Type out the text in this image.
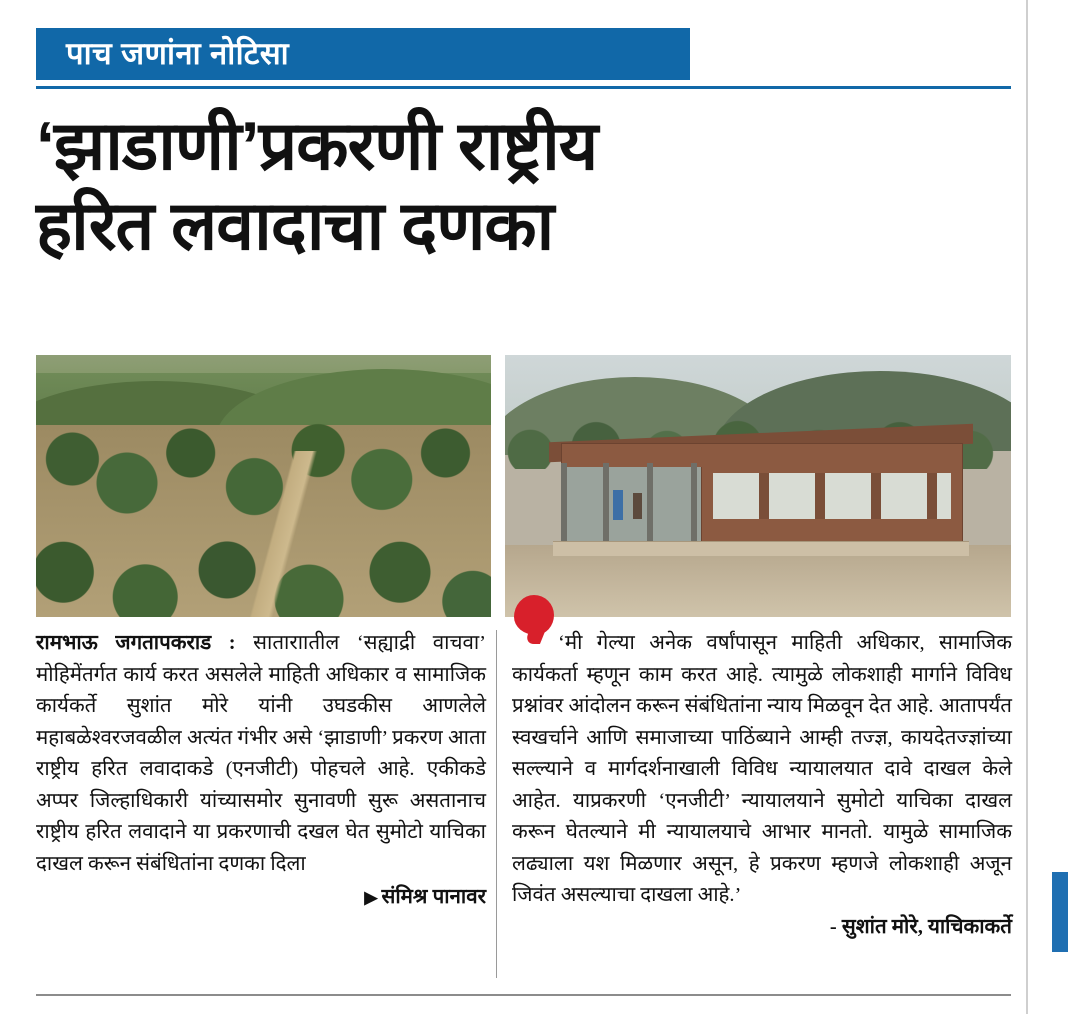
पाच जणांना नोटिसा
‘झाडाणी’प्रकरणी राष्ट्रीय
हरित लवादाचा दणका

रामभाऊ जगतापकराड : साताराातील ‘सह्याद्री वाचवा’ मोहिमेंतर्गत कार्य करत असलेले माहिती अधिकार व सामाजिक कार्यकर्ते सुशांत मोरे यांनी उघडकीस आणलेले महाबळेश्वरजवळील अत्यंत गंभीर असे ‘झाडाणी’ प्रकरण आता राष्ट्रीय हरित लवादाकडे (एनजीटी) पोहचले आहे. एकीकडे अप्पर जिल्हाधिकारी यांच्यासमोर सुनावणी सुरू असतानाच राष्ट्रीय हरित लवादाने या प्रकरणाची दखल घेत सुमोटो याचिका दाखल करून संबंधितांना दणका दिला

▶ संमिश्र पानावर

‘मी गेल्या अनेक वर्षांपासून माहिती अधिकार, सामाजिक कार्यकर्ता म्हणून काम करत आहे. त्यामुळे लोकशाही मार्गाने विविध प्रश्नांवर आंदोलन करून संबंधितांना न्याय मिळवून देत आहे. आतापर्यंत स्वखर्चाने आणि समाजाच्या पाठिंब्याने आम्ही तज्ज्ञ, कायदेतज्ज्ञांच्या सल्ल्याने व मार्गदर्शनाखाली विविध न्यायालयात दावे दाखल केले आहेत. याप्रकरणी ‘एनजीटी’ न्यायालयाने सुमोटो याचिका दाखल करून घेतल्याने मी न्यायालयाचे आभार मानतो. यामुळे सामाजिक लढ्याला यश मिळणार असून, हे प्रकरण म्हणजे लोकशाही अजून जिवंत असल्याचा दाखला आहे.’

- सुशांत मोरे, याचिकाकर्ते
